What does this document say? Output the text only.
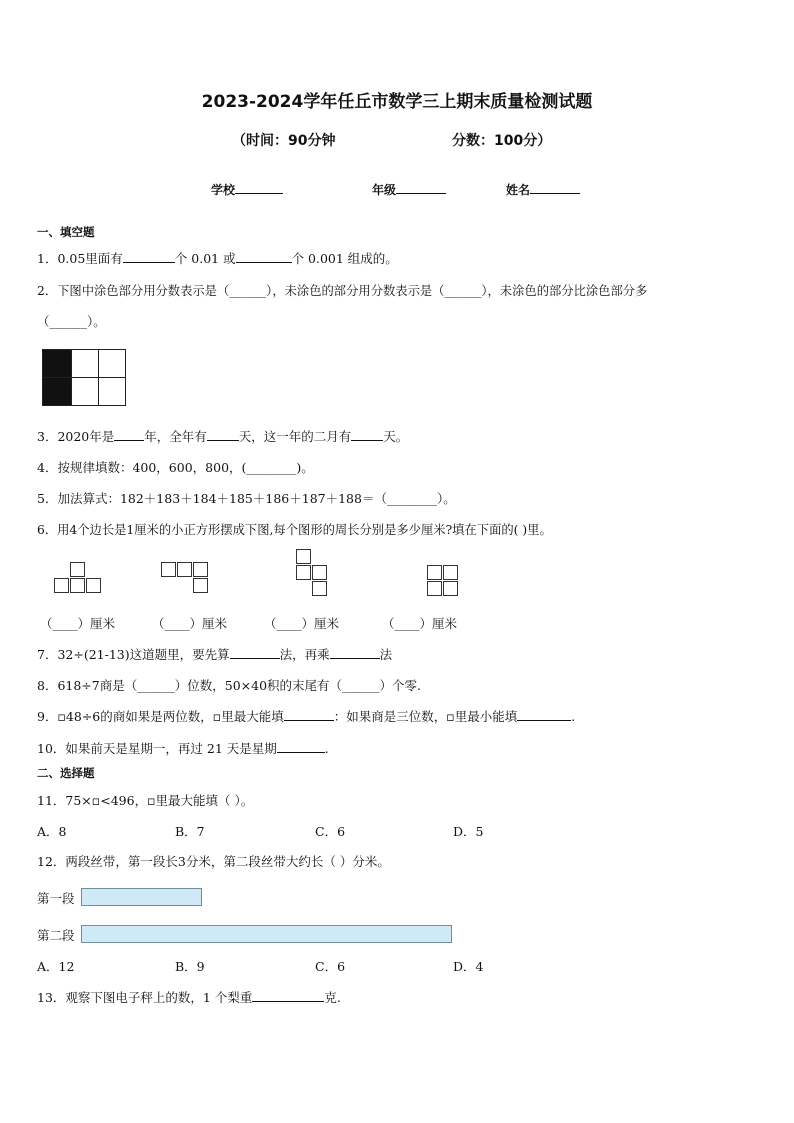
2023-2024学年任丘市数学三上期末质量检测试题
（时间：90分钟	分数：100分）
学校	年级	姓名
一、填空题
1．0.05里面有	个 0.01 或	个 0.001 组成的。
2．下图中涂色部分用分数表示是（______），未涂色的部分用分数表示是（______），未涂色的部分比涂色部分多
（______）。
3．2020年是 年，全年有	天，这一年的二月有	天。
4．按规律填数：400，600，800，(________)。
5．加法算式：182＋183＋184＋185＋186＋187＋188＝（________）。
6．用4个边长是1厘米的小正方形摆成下图,每个图形的周长分别是多少厘米?填在下面的( )里。
（____）厘米	（____）厘米	（____）厘米	（____）厘米
7．32÷(21-13)这道题里，要先算	法，再乘	法
8．618÷7商是（______）位数，50×40积的末尾有（______）个零.
9．▫48÷6的商如果是两位数，▫里最大能填	：如果商是三位数，▫里最小能填	.
10．如果前天是星期一，再过 21 天是星期	.
二、选择题
11．75×▫<496，▫里最大能填（ ）。
A．8	B．7	C．6	D．5
12．两段丝带，第一段长3分米，第二段丝带大约长（ ）分米。
第一段
第二段
A．12	B．9	C．6	D．4
13．观察下图电子秤上的数，1 个梨重	克.
